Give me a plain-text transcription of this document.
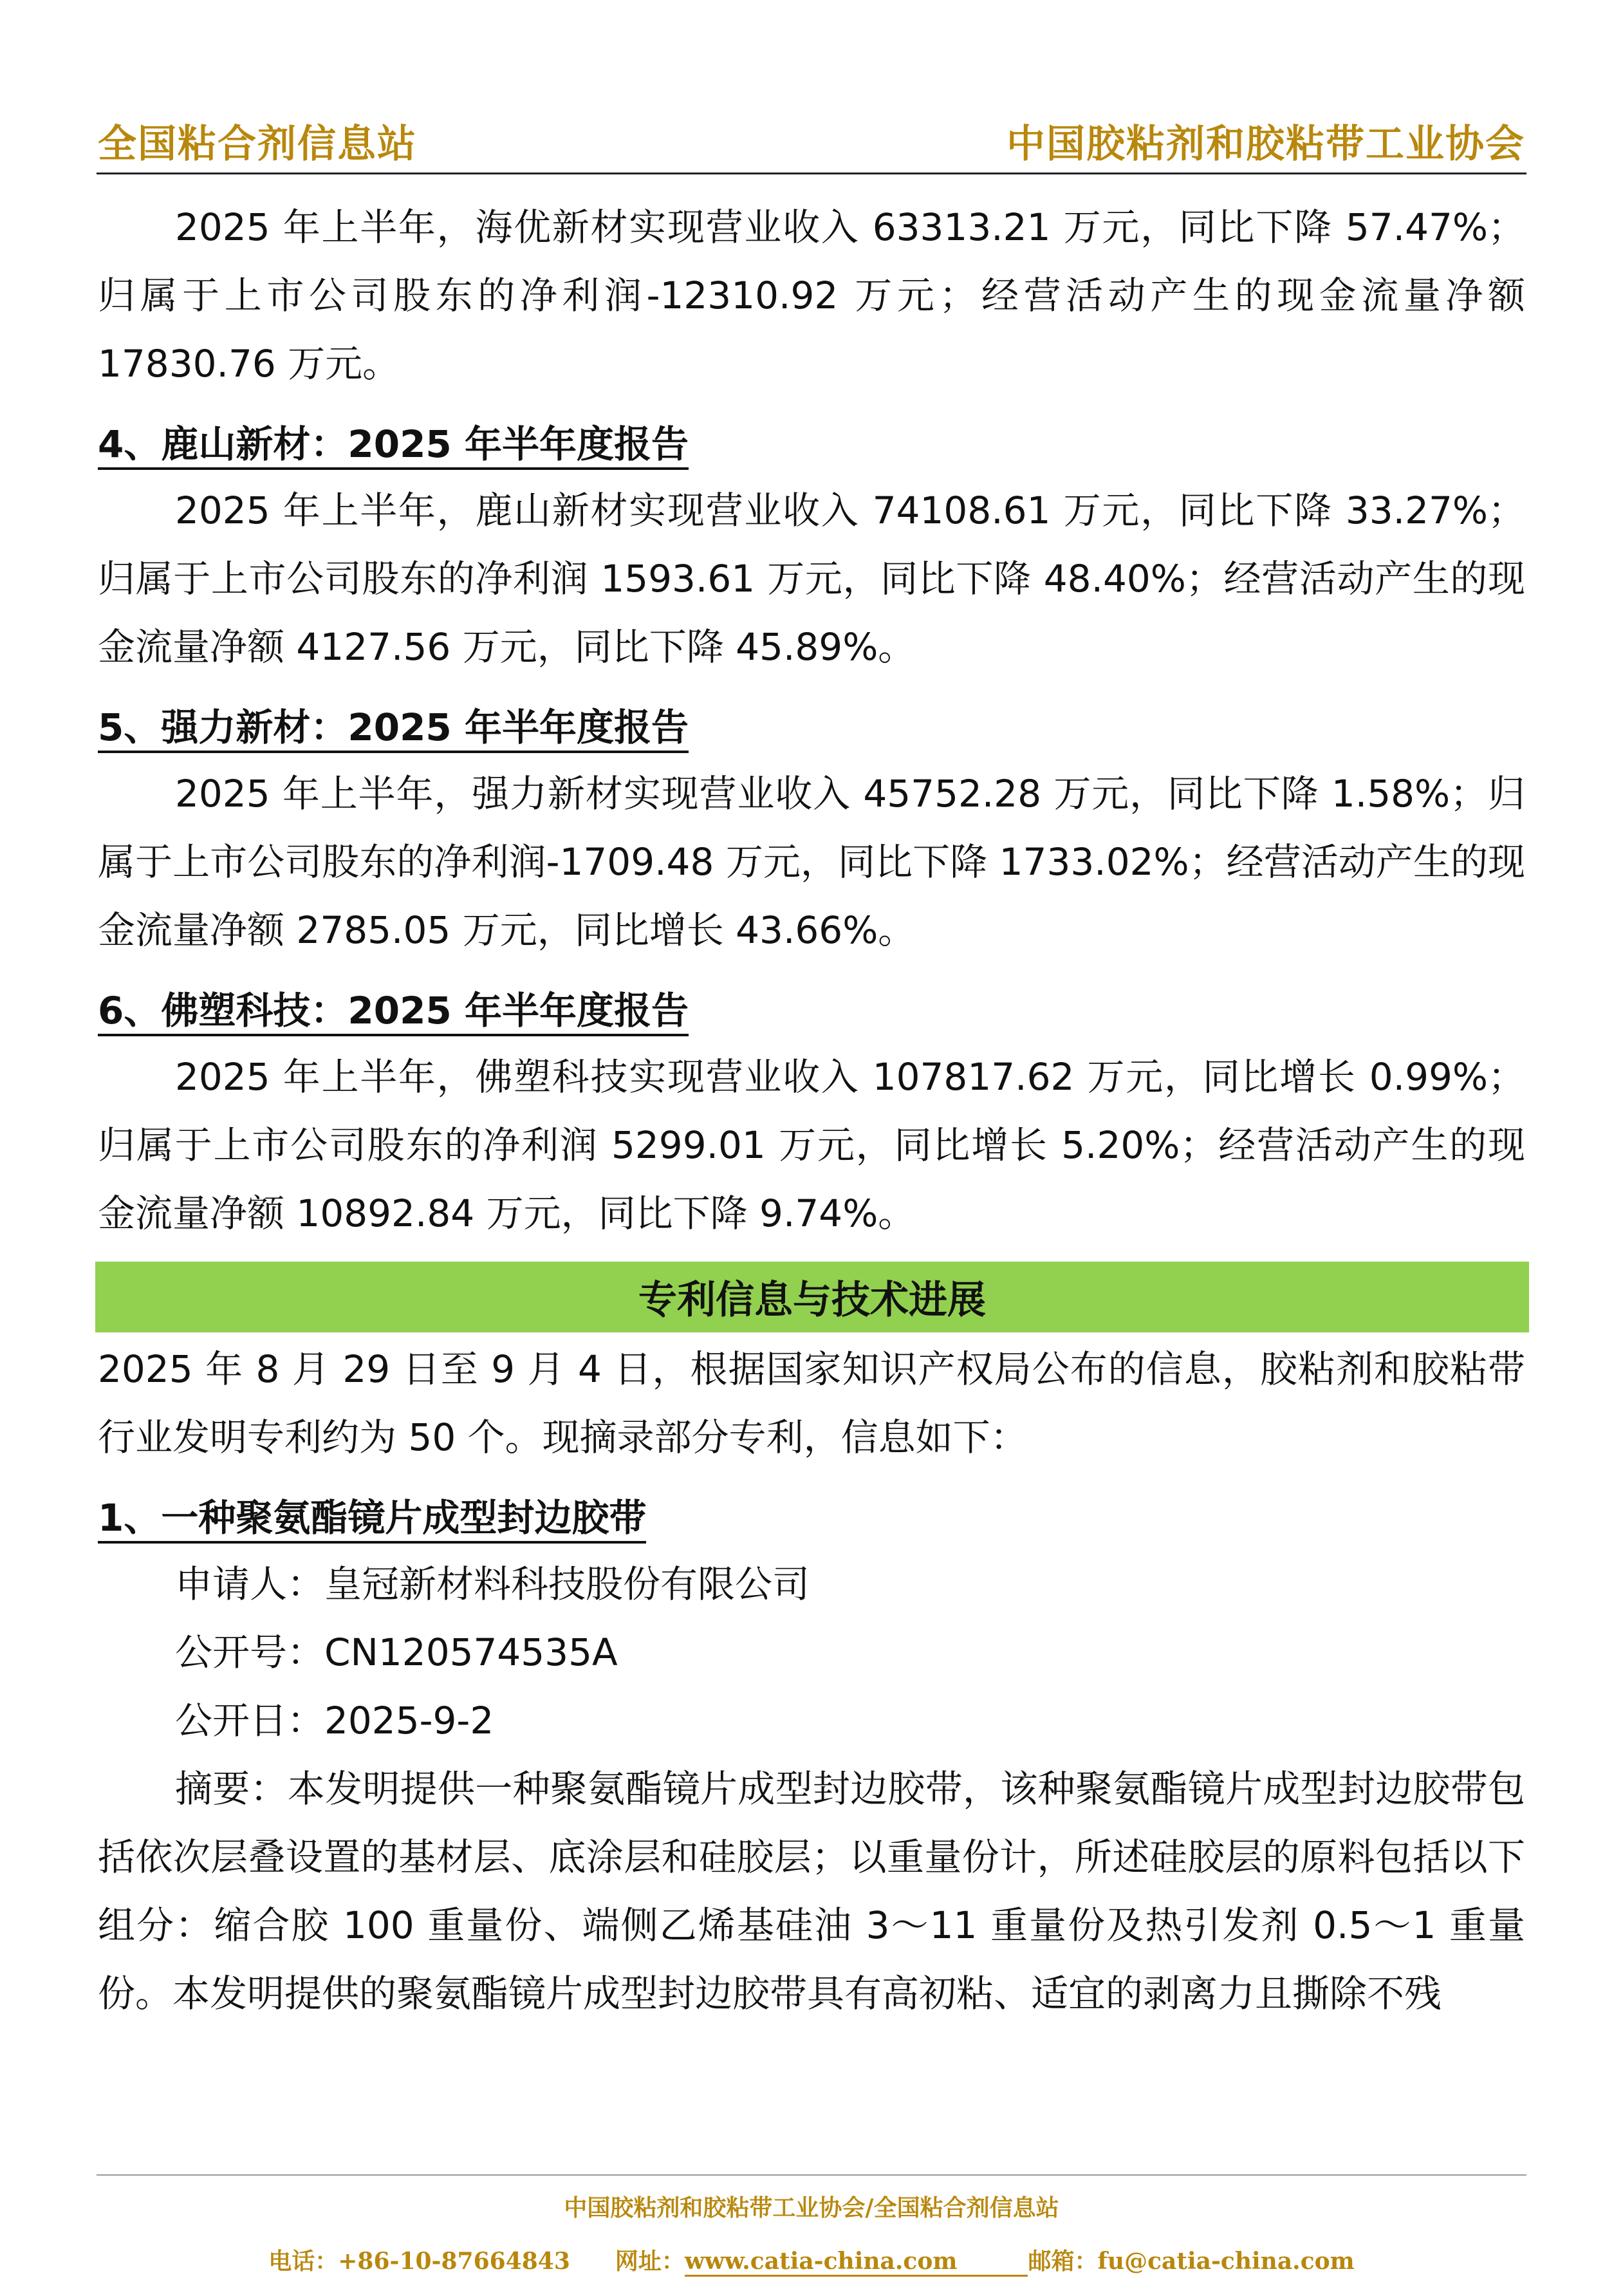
全国粘合剂信息站	中国胶粘剂和胶粘带工业协会

2025 年上半年，海优新材实现营业收入 63313.21 万元，同比下降 57.47%；归属于上市公司股东的净利润-12310.92 万元；经营活动产生的现金流量净额 17830.76 万元。

4、鹿山新材：2025 年半年度报告

2025 年上半年，鹿山新材实现营业收入 74108.61 万元，同比下降 33.27%；归属于上市公司股东的净利润 1593.61 万元，同比下降 48.40%；经营活动产生的现金流量净额 4127.56 万元，同比下降 45.89%。

5、强力新材：2025 年半年度报告

2025 年上半年，强力新材实现营业收入 45752.28 万元，同比下降 1.58%；归属于上市公司股东的净利润-1709.48 万元，同比下降 1733.02%；经营活动产生的现金流量净额 2785.05 万元，同比增长 43.66%。

6、佛塑科技：2025 年半年度报告

2025 年上半年，佛塑科技实现营业收入 107817.62 万元，同比增长 0.99%；归属于上市公司股东的净利润 5299.01 万元，同比增长 5.20%；经营活动产生的现金流量净额 10892.84 万元，同比下降 9.74%。

专利信息与技术进展

2025 年 8 月 29 日至 9 月 4 日，根据国家知识产权局公布的信息，胶粘剂和胶粘带行业发明专利约为 50 个。现摘录部分专利，信息如下：

1、一种聚氨酯镜片成型封边胶带

申请人：皇冠新材料科技股份有限公司

公开号：CN120574535A

公开日：2025-9-2

摘要：本发明提供一种聚氨酯镜片成型封边胶带，该种聚氨酯镜片成型封边胶带包括依次层叠设置的基材层、底涂层和硅胶层；以重量份计，所述硅胶层的原料包括以下组分：缩合胶 100 重量份、端侧乙烯基硅油 3～11 重量份及热引发剂 0.5～1 重量份。本发明提供的聚氨酯镜片成型封边胶带具有高初粘、适宜的剥离力且撕除不残

中国胶粘剂和胶粘带工业协会/全国粘合剂信息站
电话：+86-10-87664843 网址：www.catia-china.com	邮箱：fu@catia-china.com
